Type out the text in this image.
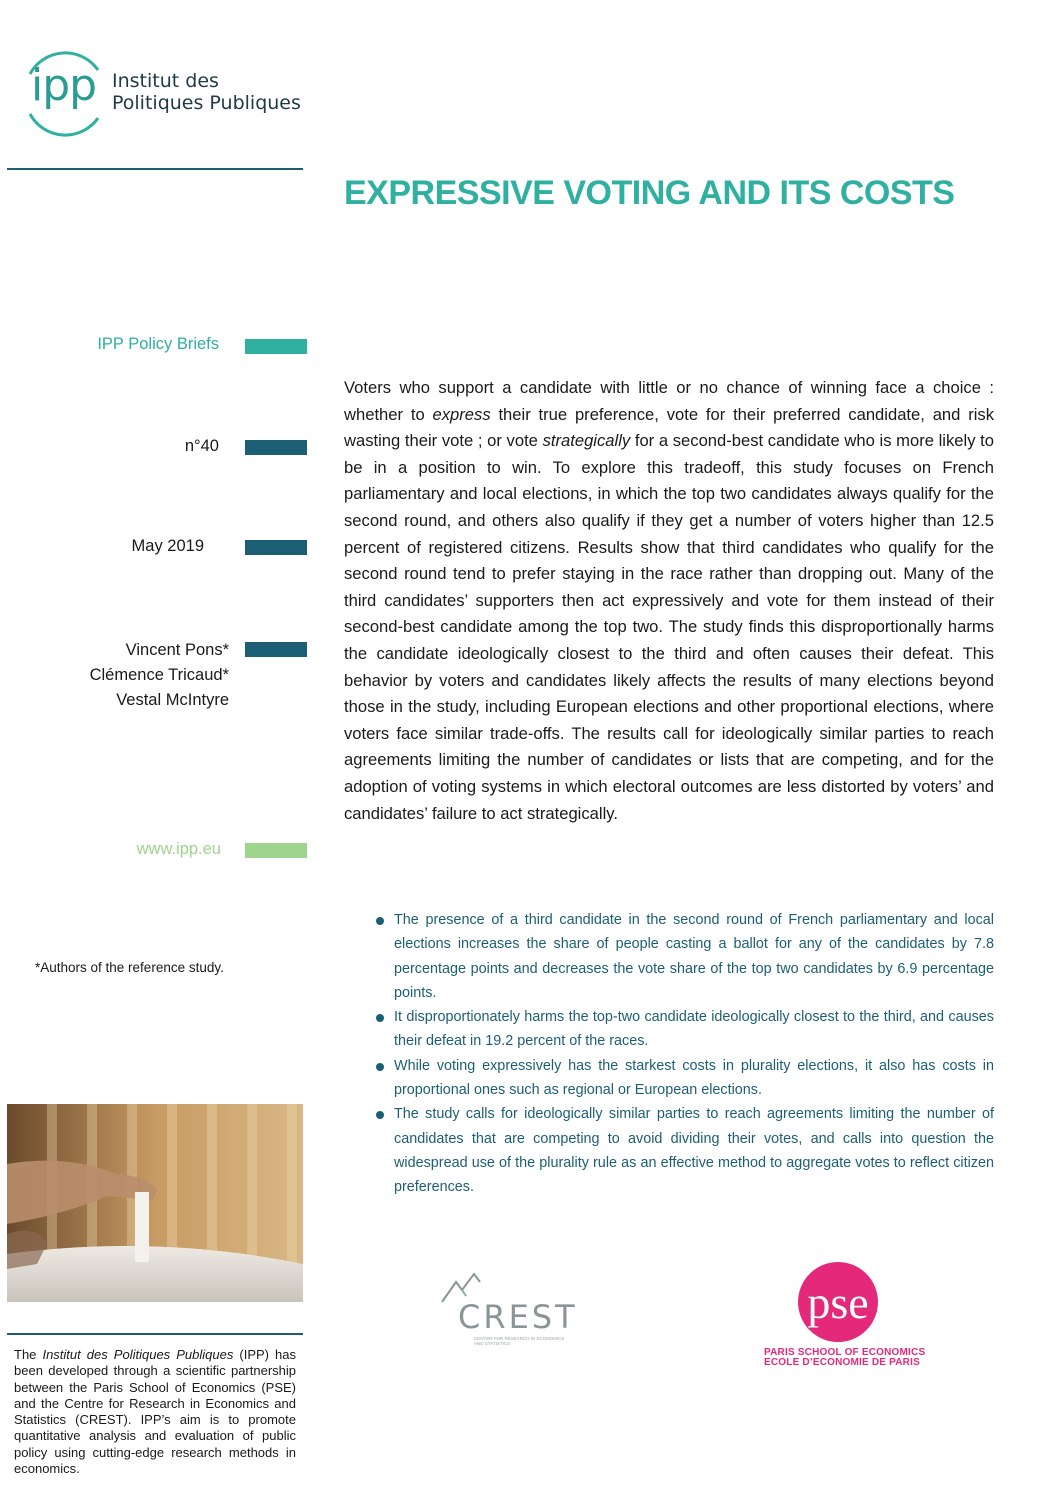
ipp Institut des
Politiques Publiques
EXPRESSIVE VOTING AND ITS COSTS
IPP Policy Briefs
n°40
May 2019
Vincent Pons*
Clémence Tricaud*
Vestal McIntyre
www.ipp.eu
*Authors of the reference study.
Voters who support a candidate with little or no chance of winning face a choice : whether to express their true preference, vote for their preferred candidate, and risk wasting their vote ; or vote strategically for a second-best candidate who is more likely to be in a position to win. To explore this tradeoff, this study focuses on French parliamentary and local elections, in which the top two candidates always qualify for the second round, and others also qualify if they get a number of voters higher than 12.5 percent of registered citizens. Results show that third candidates who qualify for the second round tend to prefer staying in the race rather than dropping out. Many of the third candidates’ supporters then act expressively and vote for them instead of their second-best candidate among the top two. The study finds this disproportionally harms the candidate ideologically closest to the third and often causes their defeat. This behavior by voters and candidates likely affects the results of many elections beyond those in the study, including European elections and other proportional elections, where voters face similar trade-offs. The results call for ideologically similar parties to reach agreements limiting the number of candidates or lists that are competing, and for the adoption of voting systems in which electoral outcomes are less distorted by voters’ and candidates’ failure to act strategically.
The presence of a third candidate in the second round of French parliamentary and local elections increases the share of people casting a ballot for any of the candidates by 7.8 percentage points and decreases the vote share of the top two candidates by 6.9 percentage points.
It disproportionately harms the top-two candidate ideologically closest to the third, and causes their defeat in 19.2 percent of the races.
While voting expressively has the starkest costs in plurality elections, it also has costs in proportional ones such as regional or European elections.
The study calls for ideologically similar parties to reach agreements limiting the number of candidates that are competing to avoid dividing their votes, and calls into question the widespread use of the plurality rule as an effective method to aggregate votes to reflect citizen preferences.
The Institut des Politiques Publiques (IPP) has been developed through a scientific partnership between the Paris School of Economics (PSE) and the Centre for Research in Economics and Statistics (CREST). IPP’s aim is to promote quantitative analysis and evaluation of public policy using cutting-edge research methods in economics.
CREST
CENTER FOR RESEARCH IN ECONOMICS AND STATISTICS
pse
PARIS SCHOOL OF ECONOMICS
ECOLE D’ECONOMIE DE PARIS
